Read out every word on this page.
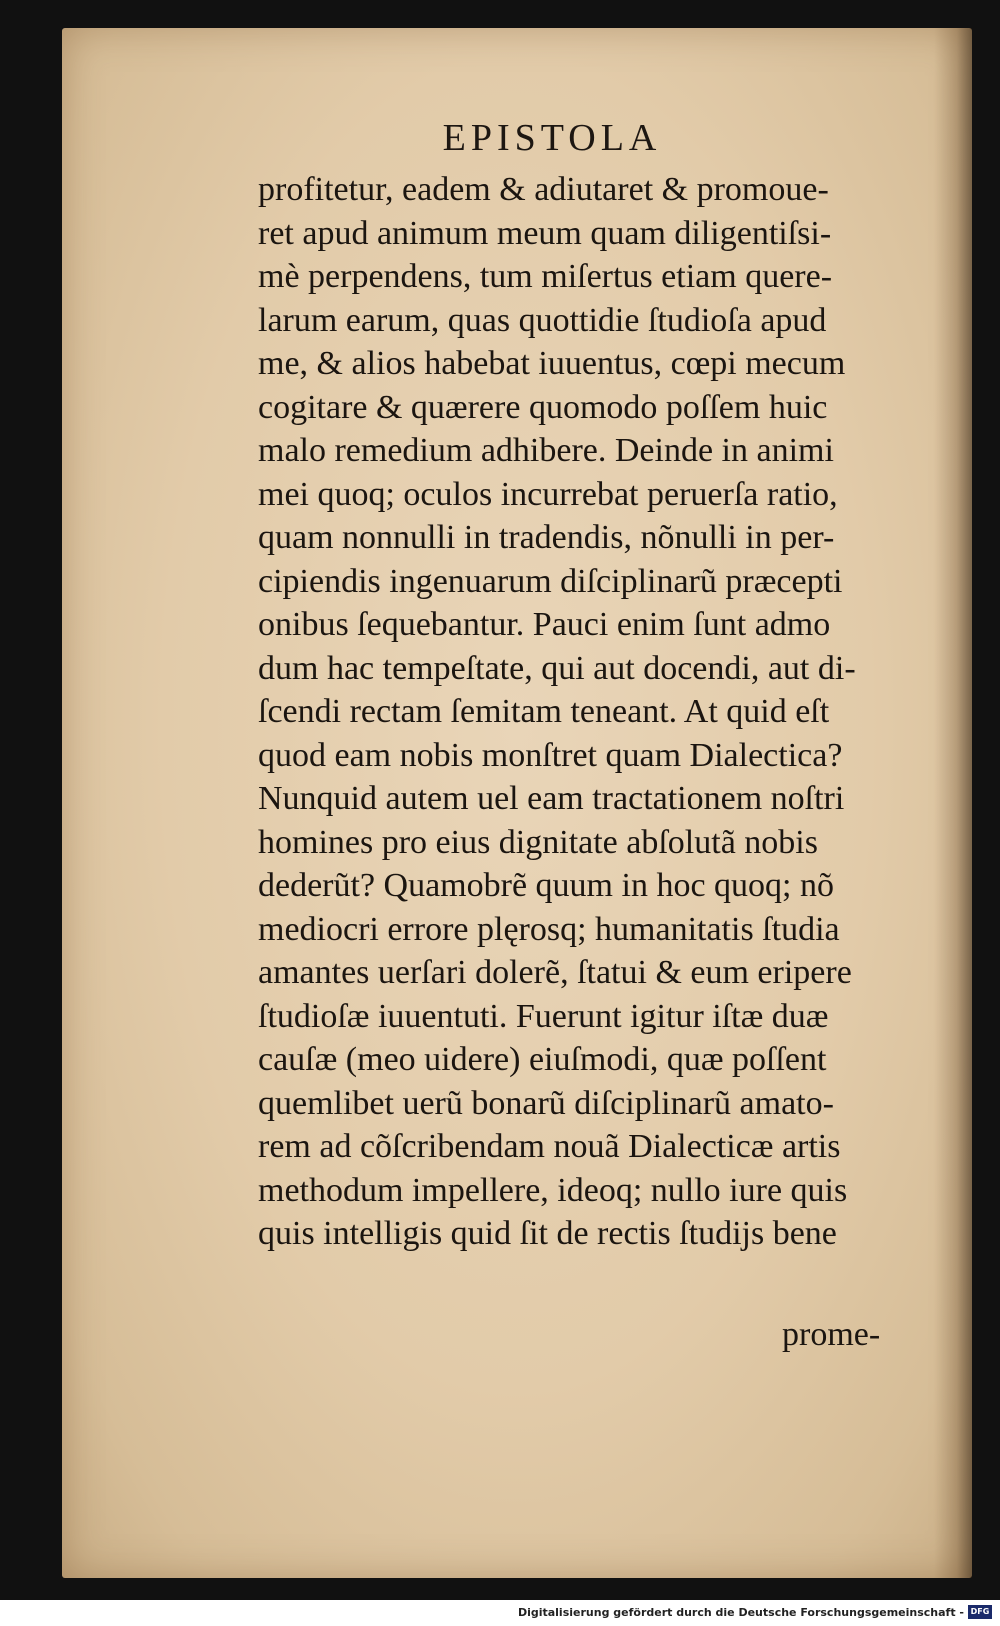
EPISTOLA
profitetur, eadem & adiutaret & promoue-
ret apud animum meum quam diligentiſsi-
mè perpendens, tum miſertus etiam quere-
larum earum, quas quottidie ſtudioſa apud
me, & alios habebat iuuentus, cœpi mecum
cogitare & quærere quomodo poſſem huic
malo remedium adhibere. Deinde in animi
mei quoq; oculos incurrebat peruerſa ratio,
quam nonnulli in tradendis, nõnulli in per-
cipiendis ingenuarum diſciplinarũ præcepti
onibus ſequebantur. Pauci enim ſunt admo
dum hac tempeſtate, qui aut docendi, aut di-
ſcendi rectam ſemitam teneant. At quid eſt
quod eam nobis monſtret quam Dialectica?
Nunquid autem uel eam tractationem noſtri
homines pro eius dignitate abſolutã nobis
dederũt? Quamobrẽ quum in hoc quoq; nõ
mediocri errore plęrosq; humanitatis ſtudia
amantes uerſari dolerẽ, ſtatui & eum eripere
ſtudioſæ iuuentuti. Fuerunt igitur iſtæ duæ
cauſæ (meo uidere) eiuſmodi, quæ poſſent
quemlibet uerũ bonarũ diſciplinarũ amato-
rem ad cõſcribendam nouã Dialecticæ artis
methodum impellere, ideoq; nullo iure quis
quis intelligis quid ſit de rectis ſtudijs bene
prome-
Digitalisierung gefördert durch die Deutsche Forschungsgemeinschaft - DFG
